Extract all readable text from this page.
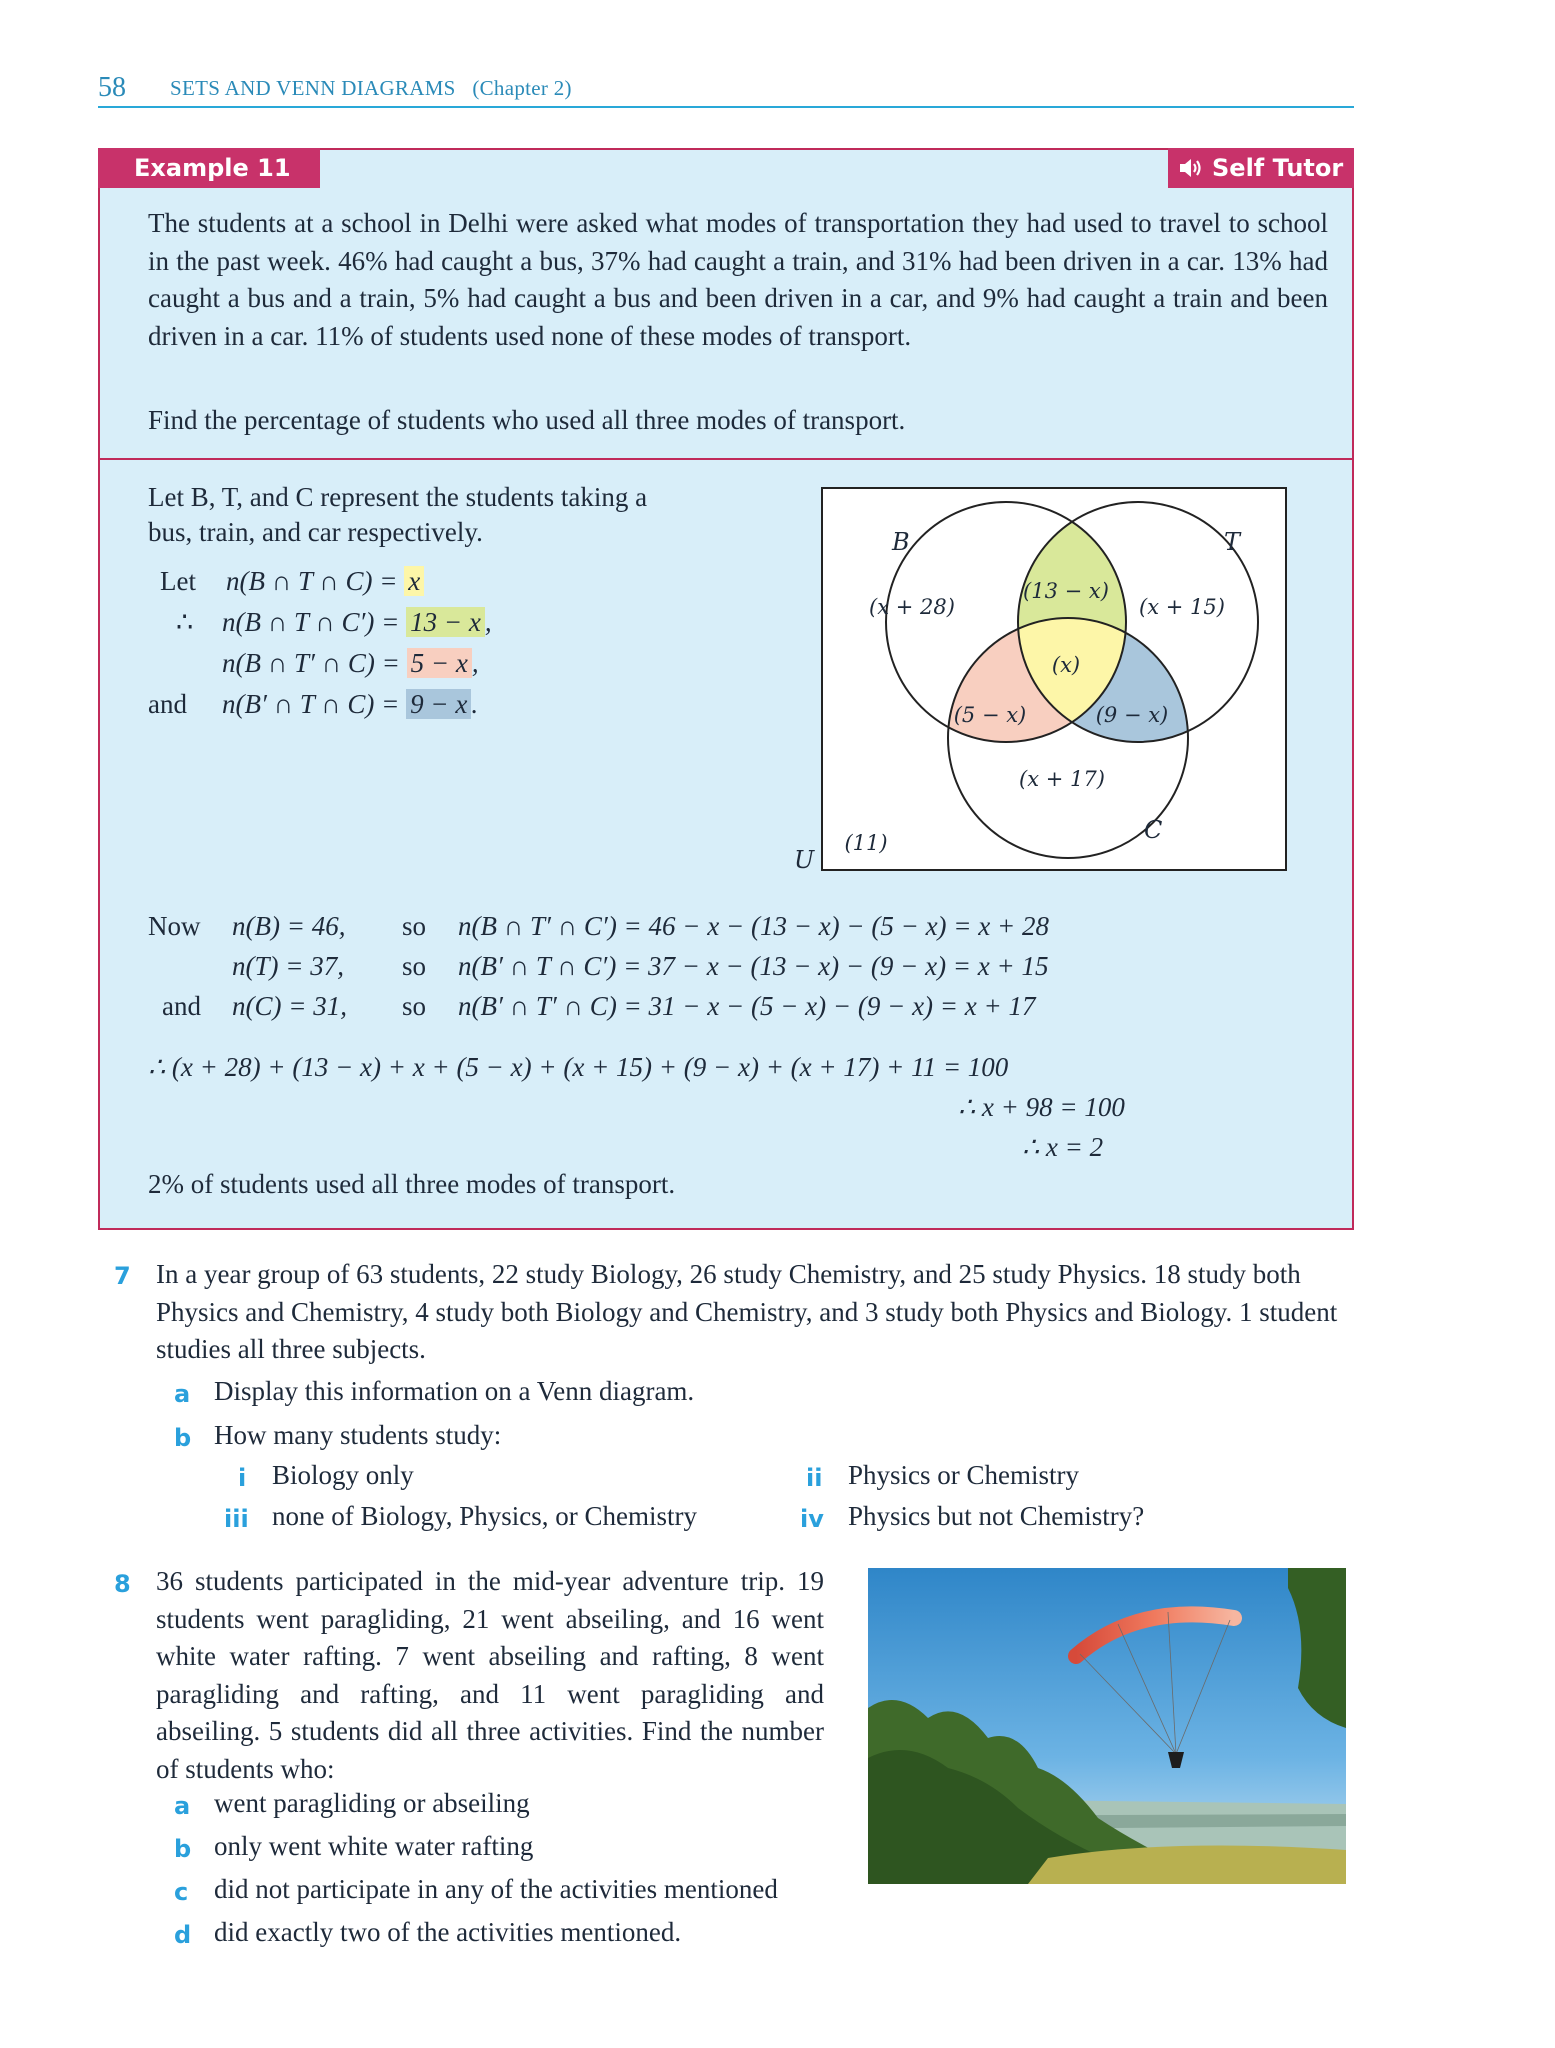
58 SETS AND VENN DIAGRAMS (Chapter 2)
Example 11	Self Tutor
The students at a school in Delhi were asked what modes of transportation they had used to travel to school in the past week. 46% had caught a bus, 37% had caught a train, and 31% had been driven in a car. 13% had caught a bus and a train, 5% had caught a bus and been driven in a car, and 9% had caught a train and been driven in a car. 11% of students used none of these modes of transport.
Find the percentage of students who used all three modes of transport.
Let B, T, and C represent the students taking a
bus, train, and car respectively.
Let n(B ∩ T ∩ C) = x
∴ n(B ∩ T ∩ C′) = 13 − x ,
n(B ∩ T′ ∩ C) = 5 − x ,
and n(B′ ∩ T ∩ C) = 9 − x .
B	T
C
U
(x + 28)
(13 − x)
(x + 15)
(x)
(5 − x)	(9 − x)
(x + 17)
(11)
Now n(B) = 46, so n(B ∩ T′ ∩ C′) = 46 − x − (13 − x) − (5 − x) = x + 28
n(T) = 37, so n(B′ ∩ T ∩ C′) = 37 − x − (13 − x) − (9 − x) = x + 15
and n(C) = 31, so n(B′ ∩ T′ ∩ C) = 31 − x − (5 − x) − (9 − x) = x + 17
∴ (x + 28) + (13 − x) + x + (5 − x) + (x + 15) + (9 − x) + (x + 17) + 11 = 100
∴ x + 98 = 100
∴ x = 2
2% of students used all three modes of transport.
7 In a year group of 63 students, 22 study Biology, 26 study Chemistry, and 25 study Physics. 18 study both Physics and Chemistry, 4 study both Biology and Chemistry, and 3 study both Physics and Biology. 1 student studies all three subjects.
a Display this information on a Venn diagram.
b How many students study:
i Biology only	ii Physics or Chemistry
iii none of Biology, Physics, or Chemistry	iv Physics but not Chemistry?
8 36 students participated in the mid-year adventure trip. 19 students went paragliding, 21 went abseiling, and 16 went white water rafting. 7 went abseiling and rafting, 8 went paragliding and rafting, and 11 went paragliding and abseiling. 5 students did all three activities. Find the number of students who:
a went paragliding or abseiling
b only went white water rafting
c did not participate in any of the activities mentioned
d did exactly two of the activities mentioned.
